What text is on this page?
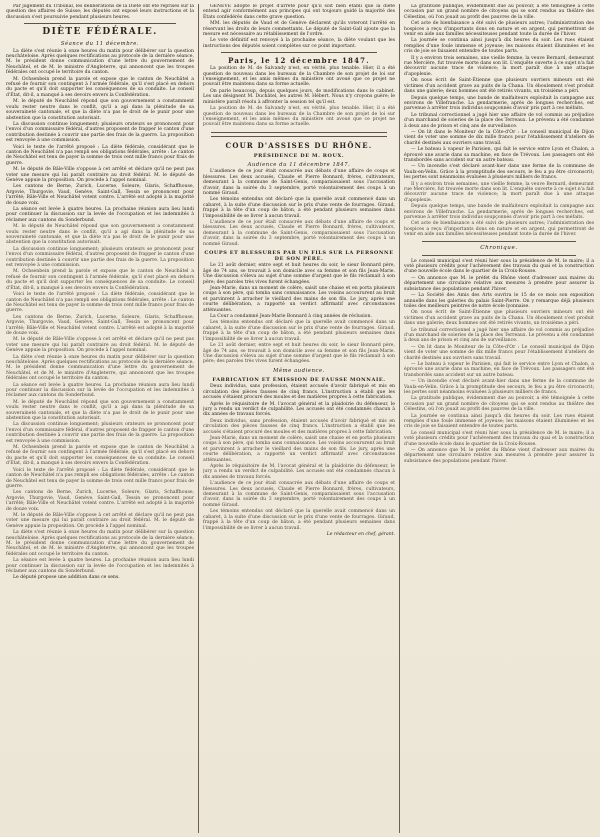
Par jugement du Tribunal, les délibérations de la Diète ont été reprises sur la question des affaires de Suisse; les députés ont exposé leurs instructions et la discussion s'est poursuivie pendant plusieurs heures.

DIÈTE FÉDÉRALE.
Séance du 11 décembre.

La diète s'est réunie à onze heures du matin pour délibérer sur la question neuchâteloise. Après quelques rectifications au protocole de la dernière séance, M. le président donne communication d'une lettre du gouvernement de Neuchâtel, et de M. le ministre d'Angleterre, qui annoncent que les troupes fédérales ont occupé le territoire du canton.

M. Ochsenbein prend la parole et expose que le canton de Neuchâtel a refusé de fournir son contingent à l'armée fédérale, qu'il s'est placé en dehors du pacte et qu'il doit supporter les conséquences de sa conduite. Le conseil d'État, dit-il, a manqué à ses devoirs envers la Confédération.

M. le député de Neuchâtel répond que son gouvernement a constamment voulu rester neutre dans le conflit, qu'il a agi dans la plénitude de sa souveraineté cantonale, et que la diète n'a pas le droit de le punir pour une abstention que la constitution autorisait.

La discussion continue longuement; plusieurs orateurs se prononcent pour l'envoi d'un commissaire fédéral, d'autres proposent de frapper le canton d'une contribution destinée à couvrir une partie des frais de la guerre. La proposition est renvoyée à une commission.

Voici le texte de l'arrêté proposé : La diète fédérale, considérant que le canton de Neuchâtel n'a pas rempli ses obligations fédérales, arrête : Le canton de Neuchâtel est tenu de payer la somme de trois cent mille francs pour frais de guerre.

M. le député de Bâle-Ville s'oppose à cet arrêté et déclare qu'il ne peut pas voter une mesure qui lui paraît contraire au droit fédéral. M. le député de Genève appuie la proposition. On procède à l'appel nominal.

Les cantons de Berne, Zurich, Lucerne, Soleure, Glaris, Schaffhouse, Argovie, Thurgovie, Vaud, Genève, Saint-Gall, Tessin se prononcent pour l'arrêté; Bâle-Ville et Neuchâtel votent contre. L'arrêté est adopté à la majorité de douze voix.

La séance est levée à quatre heures. La prochaine réunion aura lieu lundi pour continuer la discussion sur la levée de l'occupation et les indemnités à réclamer aux cantons du Sonderbund.

M. le député de Neuchâtel répond que son gouvernement a constamment voulu rester neutre dans le conflit, qu'il a agi dans la plénitude de sa souveraineté cantonale, et que la diète n'a pas le droit de le punir pour une abstention que la constitution autorisait.

La discussion continue longuement; plusieurs orateurs se prononcent pour l'envoi d'un commissaire fédéral, d'autres proposent de frapper le canton d'une contribution destinée à couvrir une partie des frais de la guerre. La proposition est renvoyée à une commission.

M. Ochsenbein prend la parole et expose que le canton de Neuchâtel a refusé de fournir son contingent à l'armée fédérale, qu'il s'est placé en dehors du pacte et qu'il doit supporter les conséquences de sa conduite. Le conseil d'État, dit-il, a manqué à ses devoirs envers la Confédération.

Voici le texte de l'arrêté proposé : La diète fédérale, considérant que le canton de Neuchâtel n'a pas rempli ses obligations fédérales, arrête : Le canton de Neuchâtel est tenu de payer la somme de trois cent mille francs pour frais de guerre.

Les cantons de Berne, Zurich, Lucerne, Soleure, Glaris, Schaffhouse, Argovie, Thurgovie, Vaud, Genève, Saint-Gall, Tessin se prononcent pour l'arrêté; Bâle-Ville et Neuchâtel votent contre. L'arrêté est adopté à la majorité de douze voix.

M. le député de Bâle-Ville s'oppose à cet arrêté et déclare qu'il ne peut pas voter une mesure qui lui paraît contraire au droit fédéral. M. le député de Genève appuie la proposition. On procède à l'appel nominal.

La diète s'est réunie à onze heures du matin pour délibérer sur la question neuchâteloise. Après quelques rectifications au protocole de la dernière séance, M. le président donne communication d'une lettre du gouvernement de Neuchâtel, et de M. le ministre d'Angleterre, qui annoncent que les troupes fédérales ont occupé le territoire du canton.

La séance est levée à quatre heures. La prochaine réunion aura lieu lundi pour continuer la discussion sur la levée de l'occupation et les indemnités à réclamer aux cantons du Sonderbund.

M. le député de Neuchâtel répond que son gouvernement a constamment voulu rester neutre dans le conflit, qu'il a agi dans la plénitude de sa souveraineté cantonale, et que la diète n'a pas le droit de le punir pour une abstention que la constitution autorisait.

La discussion continue longuement; plusieurs orateurs se prononcent pour l'envoi d'un commissaire fédéral, d'autres proposent de frapper le canton d'une contribution destinée à couvrir une partie des frais de la guerre. La proposition est renvoyée à une commission.

M. Ochsenbein prend la parole et expose que le canton de Neuchâtel a refusé de fournir son contingent à l'armée fédérale, qu'il s'est placé en dehors du pacte et qu'il doit supporter les conséquences de sa conduite. Le conseil d'État, dit-il, a manqué à ses devoirs envers la Confédération.

Voici le texte de l'arrêté proposé : La diète fédérale, considérant que le canton de Neuchâtel n'a pas rempli ses obligations fédérales, arrête : Le canton de Neuchâtel est tenu de payer la somme de trois cent mille francs pour frais de guerre.

Les cantons de Berne, Zurich, Lucerne, Soleure, Glaris, Schaffhouse, Argovie, Thurgovie, Vaud, Genève, Saint-Gall, Tessin se prononcent pour l'arrêté; Bâle-Ville et Neuchâtel votent contre. L'arrêté est adopté à la majorité de douze voix.

M. le député de Bâle-Ville s'oppose à cet arrêté et déclare qu'il ne peut pas voter une mesure qui lui paraît contraire au droit fédéral. M. le député de Genève appuie la proposition. On procède à l'appel nominal.

La diète s'est réunie à onze heures du matin pour délibérer sur la question neuchâteloise. Après quelques rectifications au protocole de la dernière séance, M. le président donne communication d'une lettre du gouvernement de Neuchâtel, et de M. le ministre d'Angleterre, qui annoncent que les troupes fédérales ont occupé le territoire du canton.

La séance est levée à quatre heures. La prochaine réunion aura lieu lundi pour continuer la discussion sur la levée de l'occupation et les indemnités à réclamer aux cantons du Sonderbund.

Le député propose une addition dans ce sens.

GENÈVE adopte le projet d'arrêté pour qu'il soit bien établi que la diète entend agir conformément aux principes qui ont toujours guidé la majorité des États confédérés dans cette grave question.

MM. les députés de Vaud et de Genève déclarent qu'ils voteront l'arrêté en réservant les droits de leurs commettants. Le député de Saint-Gall ajoute que la mesure est nécessaire au rétablissement de l'ordre.

Le vote définitif est renvoyé à la prochaine séance, la diète voulant que les instructions des députés soient complètes sur ce point important.

Paris, le 12 décembre 1847.

La position de M. de Salvandy n'est, en vérité, plus tenable. Hier, il a été question de nouveau dans les bureaux de la Chambre de son projet de loi sur l'enseignement, et les amis mêmes du ministère ont avoué que ce projet ne pouvait être maintenu dans sa forme actuelle.

On parle beaucoup, depuis quelques jours, de modifications dans le cabinet. Les uns désignent M. Duchâtel, les autres M. Hébert. Nous n'y croyons guère; le ministère paraît résolu à affronter la session tel qu'il est.

La position de M. de Salvandy n'est, en vérité, plus tenable. Hier, il a été question de nouveau dans les bureaux de la Chambre de son projet de loi sur l'enseignement, et les amis mêmes du ministère ont avoué que ce projet ne pouvait être maintenu dans sa forme actuelle.

COUR D'ASSISES DU RHÔNE.
PRÉSIDENCE DE M. ROUX.
Audience du 11 décembre 1847.

L'audience de ce jour était consacrée aux débats d'une affaire de coups et blessures. Les deux accusés, Claude et Pierre Bonnard, frères, cultivateurs, demeurant à la commune de Saint-Genis, comparaissaient sous l'accusation d'avoir, dans la soirée du 3 septembre, porté volontairement des coups à un nommé Giraud.

Les témoins entendus ont déclaré que la querelle avait commencé dans un cabaret, à la suite d'une discussion sur le prix d'une vente de fourrages. Giraud, frappé à la tête d'un coup de bâton, a été pendant plusieurs semaines dans l'impossibilité de se livrer à aucun travail.

L'audience de ce jour était consacrée aux débats d'une affaire de coups et blessures. Les deux accusés, Claude et Pierre Bonnard, frères, cultivateurs, demeurant à la commune de Saint-Genis, comparaissaient sous l'accusation d'avoir, dans la soirée du 3 septembre, porté volontairement des coups à un nommé Giraud.

COUPS ET BLESSURES PAR UN FILS SUR LA PERSONNE DE SON PÈRE.

Le 21 août dernier, entre sept et huit heures du soir, le sieur Bonnard père, âgé de 74 ans, se trouvait à son domicile avec sa femme et son fils Jean-Marie. Une discussion s'éleva au sujet d'une somme d'argent que le fils réclamait à son père; des paroles très vives furent échangées.

Jean-Marie, dans un moment de colère, saisit une chaise et en porta plusieurs coups à son père, qui tomba sans connaissance. Les voisins accoururent au bruit et parvinrent à arracher le vieillard des mains de son fils. Le jury, après une courte délibération, a rapporté un verdict affirmatif avec circonstances atténuantes.

La Cour a condamné Jean-Marie Bonnard à cinq années de réclusion.

Les témoins entendus ont déclaré que la querelle avait commencé dans un cabaret, à la suite d'une discussion sur le prix d'une vente de fourrages. Giraud, frappé à la tête d'un coup de bâton, a été pendant plusieurs semaines dans l'impossibilité de se livrer à aucun travail.

Le 21 août dernier, entre sept et huit heures du soir, le sieur Bonnard père, âgé de 74 ans, se trouvait à son domicile avec sa femme et son fils Jean-Marie. Une discussion s'éleva au sujet d'une somme d'argent que le fils réclamait à son père; des paroles très vives furent échangées.

Même audience.
FABRICATION ET ÉMISSION DE FAUSSE MONNAIE.

Deux individus, sans profession, étaient accusés d'avoir fabriqué et mis en circulation des pièces fausses de cinq francs. L'instruction a établi que les accusés s'étaient procuré des moules et des matières propres à cette fabrication.

Après le réquisitoire de M. l'avocat général et la plaidoirie du défenseur, le jury a rendu un verdict de culpabilité. Les accusés ont été condamnés chacun à dix années de travaux forcés.

Deux individus, sans profession, étaient accusés d'avoir fabriqué et mis en circulation des pièces fausses de cinq francs. L'instruction a établi que les accusés s'étaient procuré des moules et des matières propres à cette fabrication.

Jean-Marie, dans un moment de colère, saisit une chaise et en porta plusieurs coups à son père, qui tomba sans connaissance. Les voisins accoururent au bruit et parvinrent à arracher le vieillard des mains de son fils. Le jury, après une courte délibération, a rapporté un verdict affirmatif avec circonstances atténuantes.

Après le réquisitoire de M. l'avocat général et la plaidoirie du défenseur, le jury a rendu un verdict de culpabilité. Les accusés ont été condamnés chacun à dix années de travaux forcés.

L'audience de ce jour était consacrée aux débats d'une affaire de coups et blessures. Les deux accusés, Claude et Pierre Bonnard, frères, cultivateurs, demeurant à la commune de Saint-Genis, comparaissaient sous l'accusation d'avoir, dans la soirée du 3 septembre, porté volontairement des coups à un nommé Giraud.

Les témoins entendus ont déclaré que la querelle avait commencé dans un cabaret, à la suite d'une discussion sur le prix d'une vente de fourrages. Giraud, frappé à la tête d'un coup de bâton, a été pendant plusieurs semaines dans l'impossibilité de se livrer à aucun travail.

Le rédacteur en chef, gérant.

La gratitude publique, évidemment due au pouvoir, a été témoignée à cette occasion par un grand nombre de citoyens qui se sont rendus au théâtre des Célestins, où l'on jouait au profit des pauvres de la ville.

Cet acte de bienfaisance a été suivi de plusieurs autres; l'administration des hospices a reçu d'importants dons en nature et en argent, qui permettront de venir en aide aux familles nécessiteuses pendant toute la durée de l'hiver.

La journée se continua ainsi jusqu'à dix heures du soir. Les rues étaient remplies d'une foule immense et joyeuse; les maisons étaient illuminées et les cris de joie se faisaient entendre de toutes parts.

Il y a environ trois semaines, une vieille femme, la veuve Bernard, demeurant rue Mercière, fut trouvée morte dans son lit. L'enquête ouverte à ce sujet n'a fait découvrir aucune trace de violence; la mort paraît due à une attaque d'apoplexie.

On nous écrit de Saint-Étienne que plusieurs ouvriers mineurs ont été victimes d'un accident grave au puits de la Chana. Un éboulement s'est produit dans une galerie; deux hommes ont été retirés vivants, un troisième a péri.

Depuis quelque temps, une bande de malfaiteurs exploitait la campagne aux environs de Villefranche. La gendarmerie, après de longues recherches, est parvenue à arrêter trois individus soupçonnés d'avoir pris part à ces méfaits.

Le tribunal correctionnel a jugé hier une affaire de vol commis au préjudice d'un marchand de soieries de la place des Terreaux. Le prévenu a été condamné à deux ans de prison et cinq ans de surveillance.

— On lit dans le Moniteur de la Côte-d'Or : Le conseil municipal de Dijon vient de voter une somme de dix mille francs pour l'établissement d'ateliers de charité destinés aux ouvriers sans travail.

— Le bateau à vapeur le Parisien, qui fait le service entre Lyon et Chalon, a éprouvé une avarie dans sa machine, en face de Trévoux. Les passagers ont été transbordés sans accident sur un autre bateau.

— Un incendie s'est déclaré avant-hier dans une ferme de la commune de Vaulx-en-Velin. Grâce à la promptitude des secours, le feu a pu être circonscrit; les pertes sont néanmoins évaluées à plusieurs milliers de francs.

Il y a environ trois semaines, une vieille femme, la veuve Bernard, demeurant rue Mercière, fut trouvée morte dans son lit. L'enquête ouverte à ce sujet n'a fait découvrir aucune trace de violence; la mort paraît due à une attaque d'apoplexie.

Depuis quelque temps, une bande de malfaiteurs exploitait la campagne aux environs de Villefranche. La gendarmerie, après de longues recherches, est parvenue à arrêter trois individus soupçonnés d'avoir pris part à ces méfaits.

Cet acte de bienfaisance a été suivi de plusieurs autres; l'administration des hospices a reçu d'importants dons en nature et en argent, qui permettront de venir en aide aux familles nécessiteuses pendant toute la durée de l'hiver.

Chronique.

Le conseil municipal s'est réuni hier sous la présidence de M. le maire; il a voté plusieurs crédits pour l'achèvement des travaux du quai et la construction d'une nouvelle école dans le quartier de la Croix-Rousse.

— On annonce que M. le préfet du Rhône vient d'adresser aux maires du département une circulaire relative aux mesures à prendre pour assurer la subsistance des populations pendant l'hiver.

— La Société des Amis des Arts ouvrira le 15 de ce mois son exposition annuelle dans les galeries du palais Saint-Pierre. On y remarque déjà plusieurs toiles des meilleurs peintres de notre école lyonnaise.

On nous écrit de Saint-Étienne que plusieurs ouvriers mineurs ont été victimes d'un accident grave au puits de la Chana. Un éboulement s'est produit dans une galerie; deux hommes ont été retirés vivants, un troisième a péri.

Le tribunal correctionnel a jugé hier une affaire de vol commis au préjudice d'un marchand de soieries de la place des Terreaux. Le prévenu a été condamné à deux ans de prison et cinq ans de surveillance.

— On lit dans le Moniteur de la Côte-d'Or : Le conseil municipal de Dijon vient de voter une somme de dix mille francs pour l'établissement d'ateliers de charité destinés aux ouvriers sans travail.

— Le bateau à vapeur le Parisien, qui fait le service entre Lyon et Chalon, a éprouvé une avarie dans sa machine, en face de Trévoux. Les passagers ont été transbordés sans accident sur un autre bateau.

— Un incendie s'est déclaré avant-hier dans une ferme de la commune de Vaulx-en-Velin. Grâce à la promptitude des secours, le feu a pu être circonscrit; les pertes sont néanmoins évaluées à plusieurs milliers de francs.

La gratitude publique, évidemment due au pouvoir, a été témoignée à cette occasion par un grand nombre de citoyens qui se sont rendus au théâtre des Célestins, où l'on jouait au profit des pauvres de la ville.

La journée se continua ainsi jusqu'à dix heures du soir. Les rues étaient remplies d'une foule immense et joyeuse; les maisons étaient illuminées et les cris de joie se faisaient entendre de toutes parts.

Le conseil municipal s'est réuni hier sous la présidence de M. le maire; il a voté plusieurs crédits pour l'achèvement des travaux du quai et la construction d'une nouvelle école dans le quartier de la Croix-Rousse.

— On annonce que M. le préfet du Rhône vient d'adresser aux maires du département une circulaire relative aux mesures à prendre pour assurer la subsistance des populations pendant l'hiver.
